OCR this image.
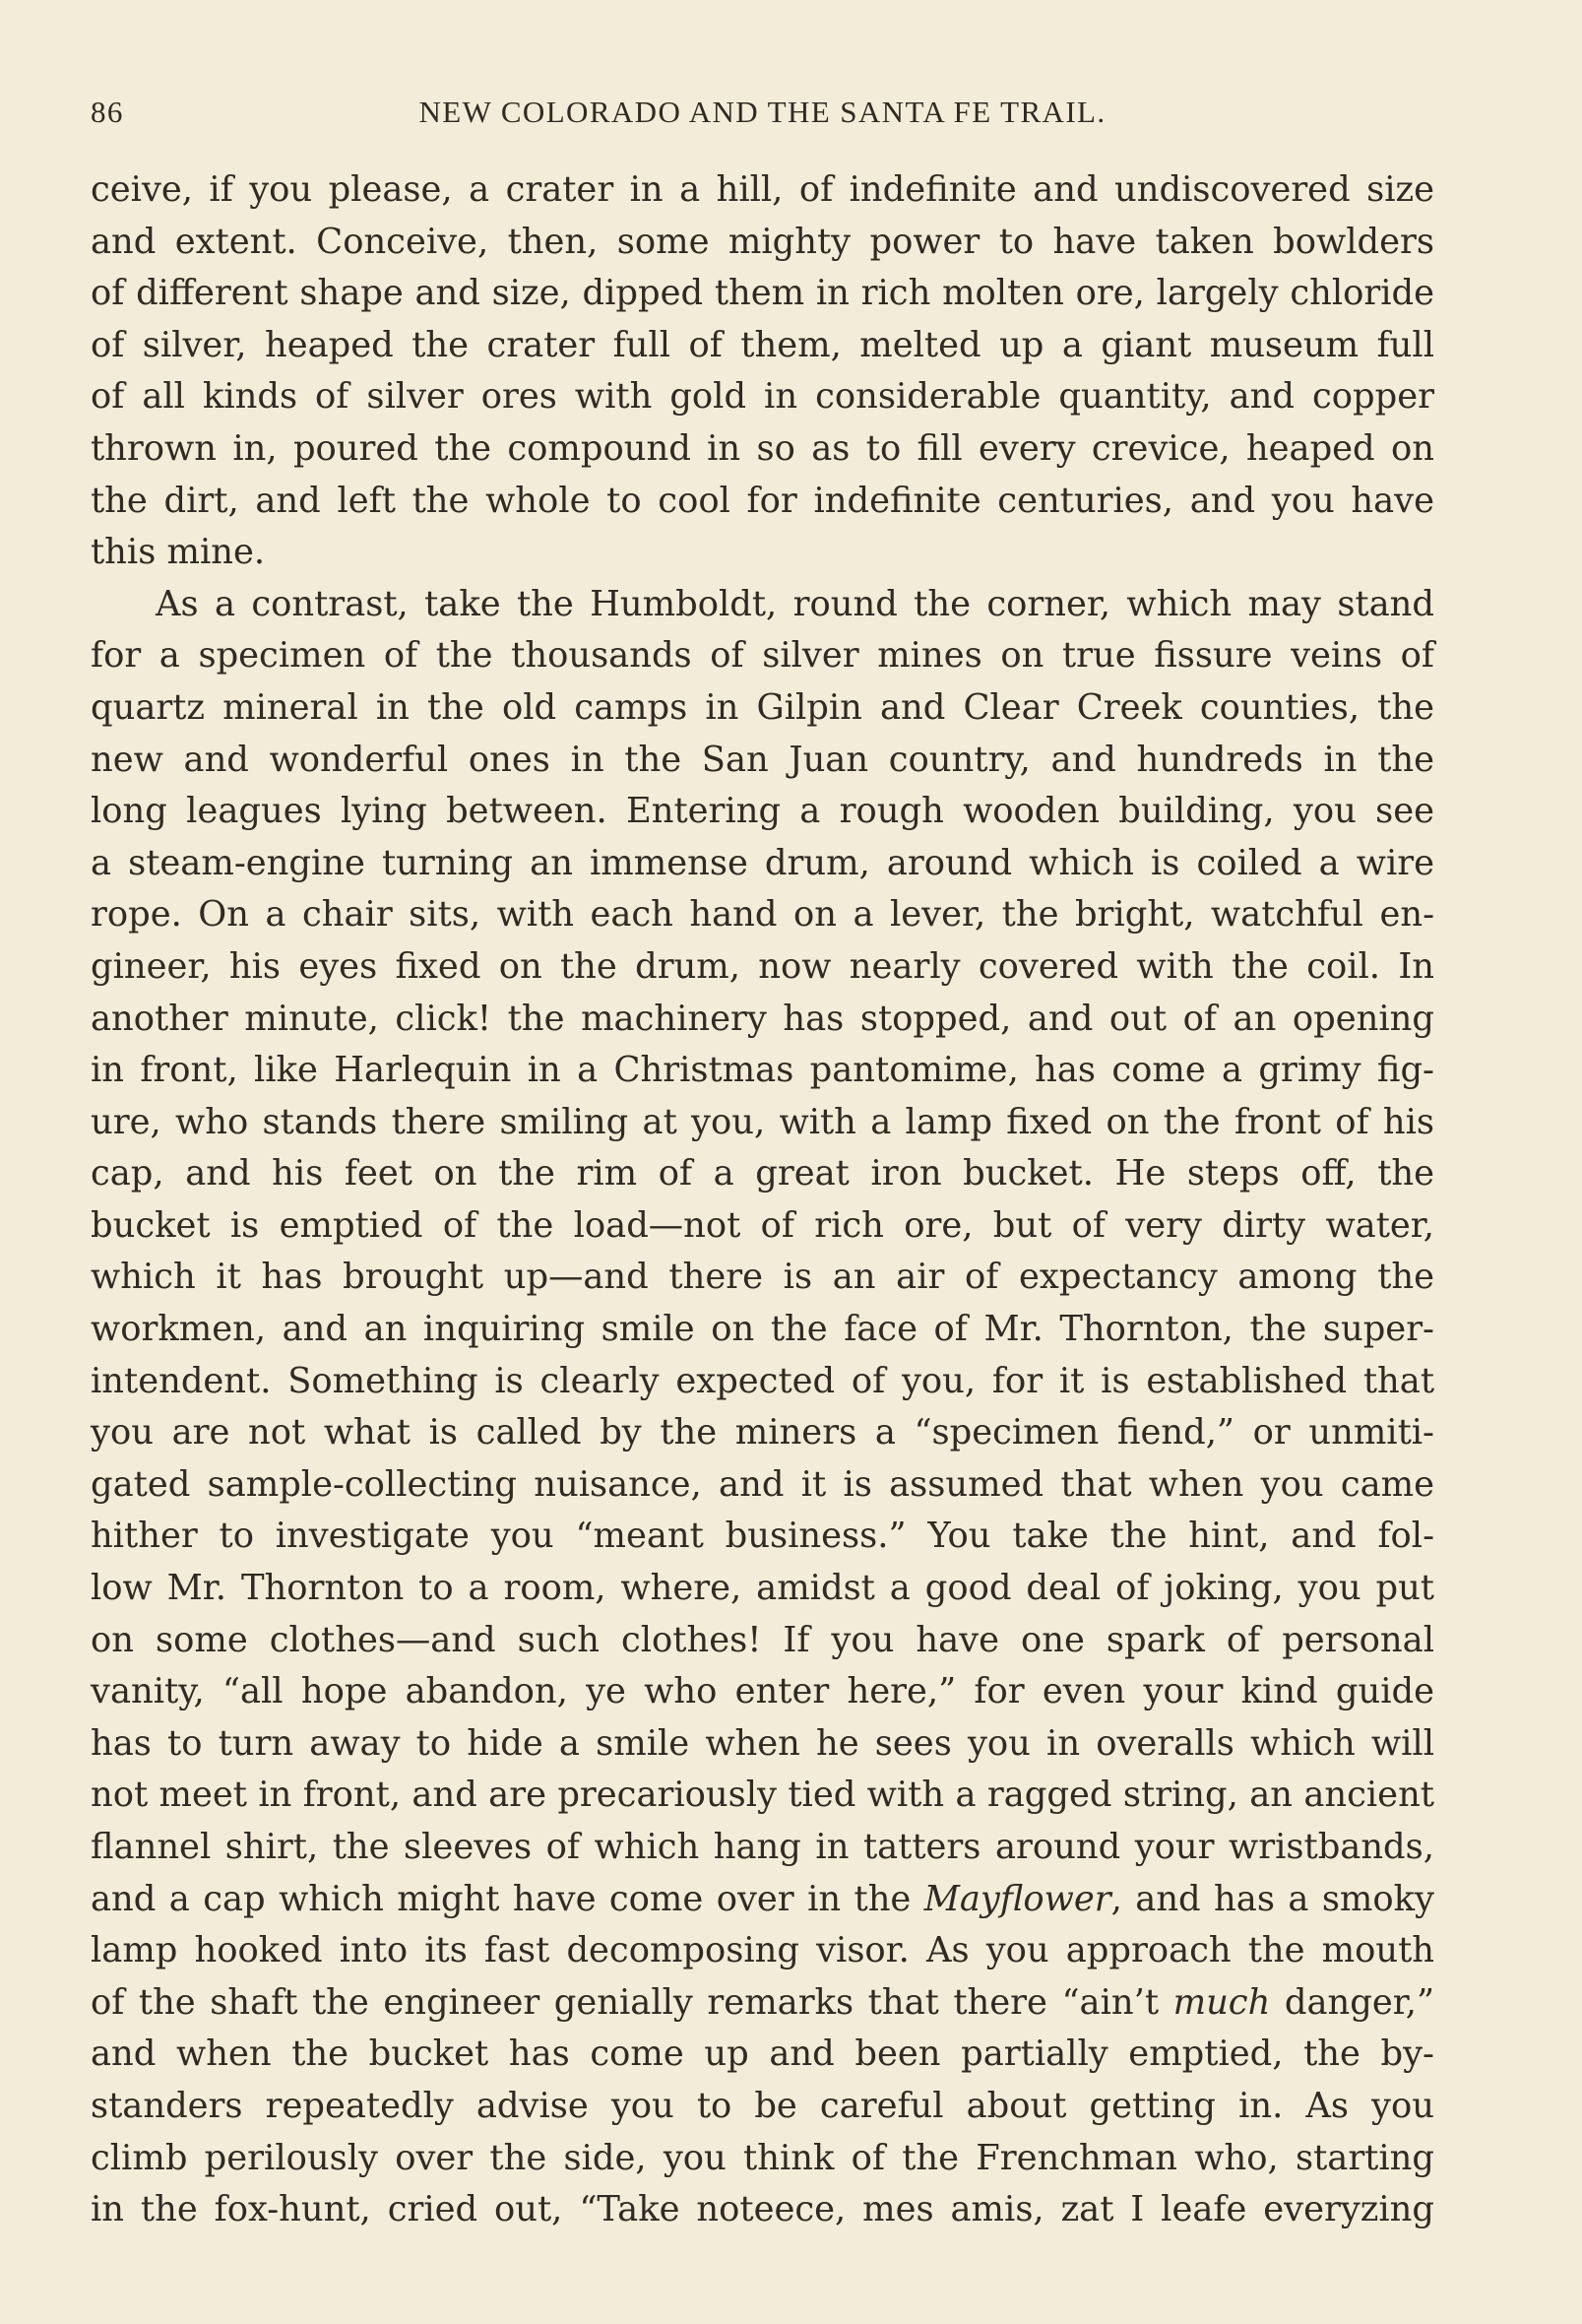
86	NEW COLORADO AND THE SANTA FE TRAIL.
ceive, if you please, a crater in a hill, of indefinite and undiscovered size
and extent. Conceive, then, some mighty power to have taken bowlders
of different shape and size, dipped them in rich molten ore, largely chloride
of silver, heaped the crater full of them, melted up a giant museum full
of all kinds of silver ores with gold in considerable quantity, and copper
thrown in, poured the compound in so as to fill every crevice, heaped on
the dirt, and left the whole to cool for indefinite centuries, and you have
this mine.
As a contrast, take the Humboldt, round the corner, which may stand
for a specimen of the thousands of silver mines on true fissure veins of
quartz mineral in the old camps in Gilpin and Clear Creek counties, the
new and wonderful ones in the San Juan country, and hundreds in the
long leagues lying between. Entering a rough wooden building, you see
a steam-engine turning an immense drum, around which is coiled a wire
rope. On a chair sits, with each hand on a lever, the bright, watchful en-
gineer, his eyes fixed on the drum, now nearly covered with the coil. In
another minute, click! the machinery has stopped, and out of an opening
in front, like Harlequin in a Christmas pantomime, has come a grimy fig-
ure, who stands there smiling at you, with a lamp fixed on the front of his
cap, and his feet on the rim of a great iron bucket. He steps off, the
bucket is emptied of the load—not of rich ore, but of very dirty water,
which it has brought up—and there is an air of expectancy among the
workmen, and an inquiring smile on the face of Mr. Thornton, the super-
intendent. Something is clearly expected of you, for it is established that
you are not what is called by the miners a “specimen fiend,” or unmiti-
gated sample-collecting nuisance, and it is assumed that when you came
hither to investigate you “meant business.” You take the hint, and fol-
low Mr. Thornton to a room, where, amidst a good deal of joking, you put
on some clothes—and such clothes! If you have one spark of personal
vanity, “all hope abandon, ye who enter here,” for even your kind guide
has to turn away to hide a smile when he sees you in overalls which will
not meet in front, and are precariously tied with a ragged string, an ancient
flannel shirt, the sleeves of which hang in tatters around your wristbands,
and a cap which might have come over in the Mayflower, and has a smoky
lamp hooked into its fast decomposing visor. As you approach the mouth
of the shaft the engineer genially remarks that there “ain’t much danger,”
and when the bucket has come up and been partially emptied, the by-
standers repeatedly advise you to be careful about getting in. As you
climb perilously over the side, you think of the Frenchman who, starting
in the fox-hunt, cried out, “Take noteece, mes amis, zat I leafe everyzing
